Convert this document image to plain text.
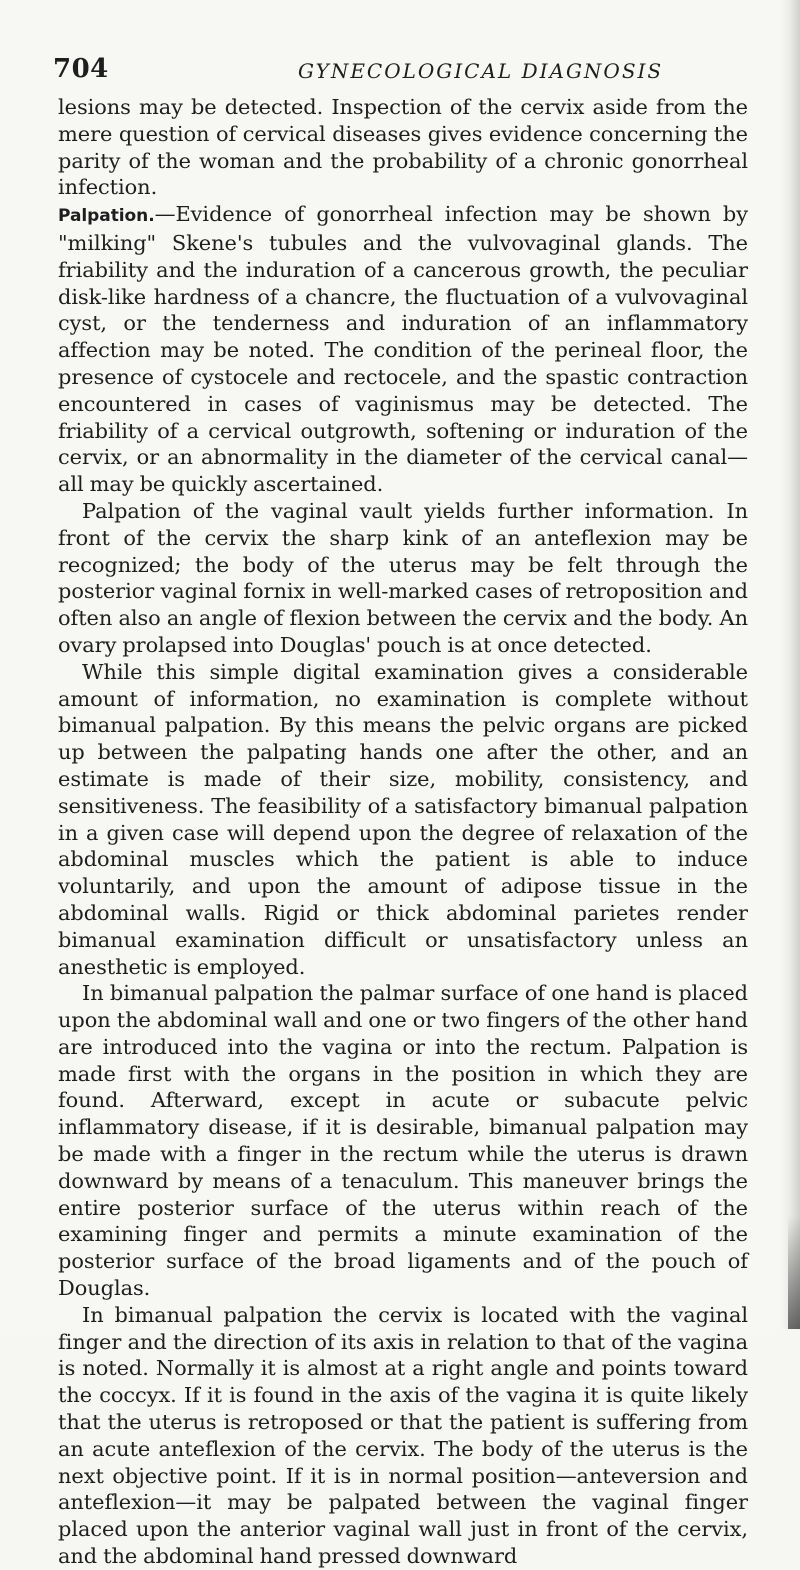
704	GYNECOLOGICAL DIAGNOSIS

lesions may be detected. Inspection of the cervix aside from the mere question of cervical diseases gives evidence concerning the parity of the woman and the probability of a chronic gonorrheal infection.

Palpation.—Evidence of gonorrheal infection may be shown by "milking" Skene's tubules and the vulvovaginal glands. The friability and the induration of a cancerous growth, the peculiar disk-like hardness of a chancre, the fluctuation of a vulvovaginal cyst, or the tenderness and induration of an inflammatory affection may be noted. The condition of the perineal floor, the presence of cystocele and rectocele, and the spastic contraction encountered in cases of vaginismus may be detected. The friability of a cervical outgrowth, softening or induration of the cervix, or an abnormality in the diameter of the cervical canal—all may be quickly ascertained.

Palpation of the vaginal vault yields further information. In front of the cervix the sharp kink of an anteflexion may be recognized; the body of the uterus may be felt through the posterior vaginal fornix in well-marked cases of retroposition and often also an angle of flexion between the cervix and the body. An ovary prolapsed into Douglas' pouch is at once detected.

While this simple digital examination gives a considerable amount of information, no examination is complete without bimanual palpation. By this means the pelvic organs are picked up between the palpating hands one after the other, and an estimate is made of their size, mobility, consistency, and sensitiveness. The feasibility of a satisfactory bimanual palpation in a given case will depend upon the degree of relaxation of the abdominal muscles which the patient is able to induce voluntarily, and upon the amount of adipose tissue in the abdominal walls. Rigid or thick abdominal parietes render bimanual examination difficult or unsatisfactory unless an anesthetic is employed.

In bimanual palpation the palmar surface of one hand is placed upon the abdominal wall and one or two fingers of the other hand are introduced into the vagina or into the rectum. Palpation is made first with the organs in the position in which they are found. Afterward, except in acute or subacute pelvic inflammatory disease, if it is desirable, bimanual palpation may be made with a finger in the rectum while the uterus is drawn downward by means of a tenaculum. This maneuver brings the entire posterior surface of the uterus within reach of the examining finger and permits a minute examination of the posterior surface of the broad ligaments and of the pouch of Douglas.

In bimanual palpation the cervix is located with the vaginal finger and the direction of its axis in relation to that of the vagina is noted. Normally it is almost at a right angle and points toward the coccyx. If it is found in the axis of the vagina it is quite likely that the uterus is retroposed or that the patient is suffering from an acute anteflexion of the cervix. The body of the uterus is the next objective point. If it is in normal position—anteversion and anteflexion—it may be palpated between the vaginal finger placed upon the anterior vaginal wall just in front of the cervix, and the abdominal hand pressed downward
